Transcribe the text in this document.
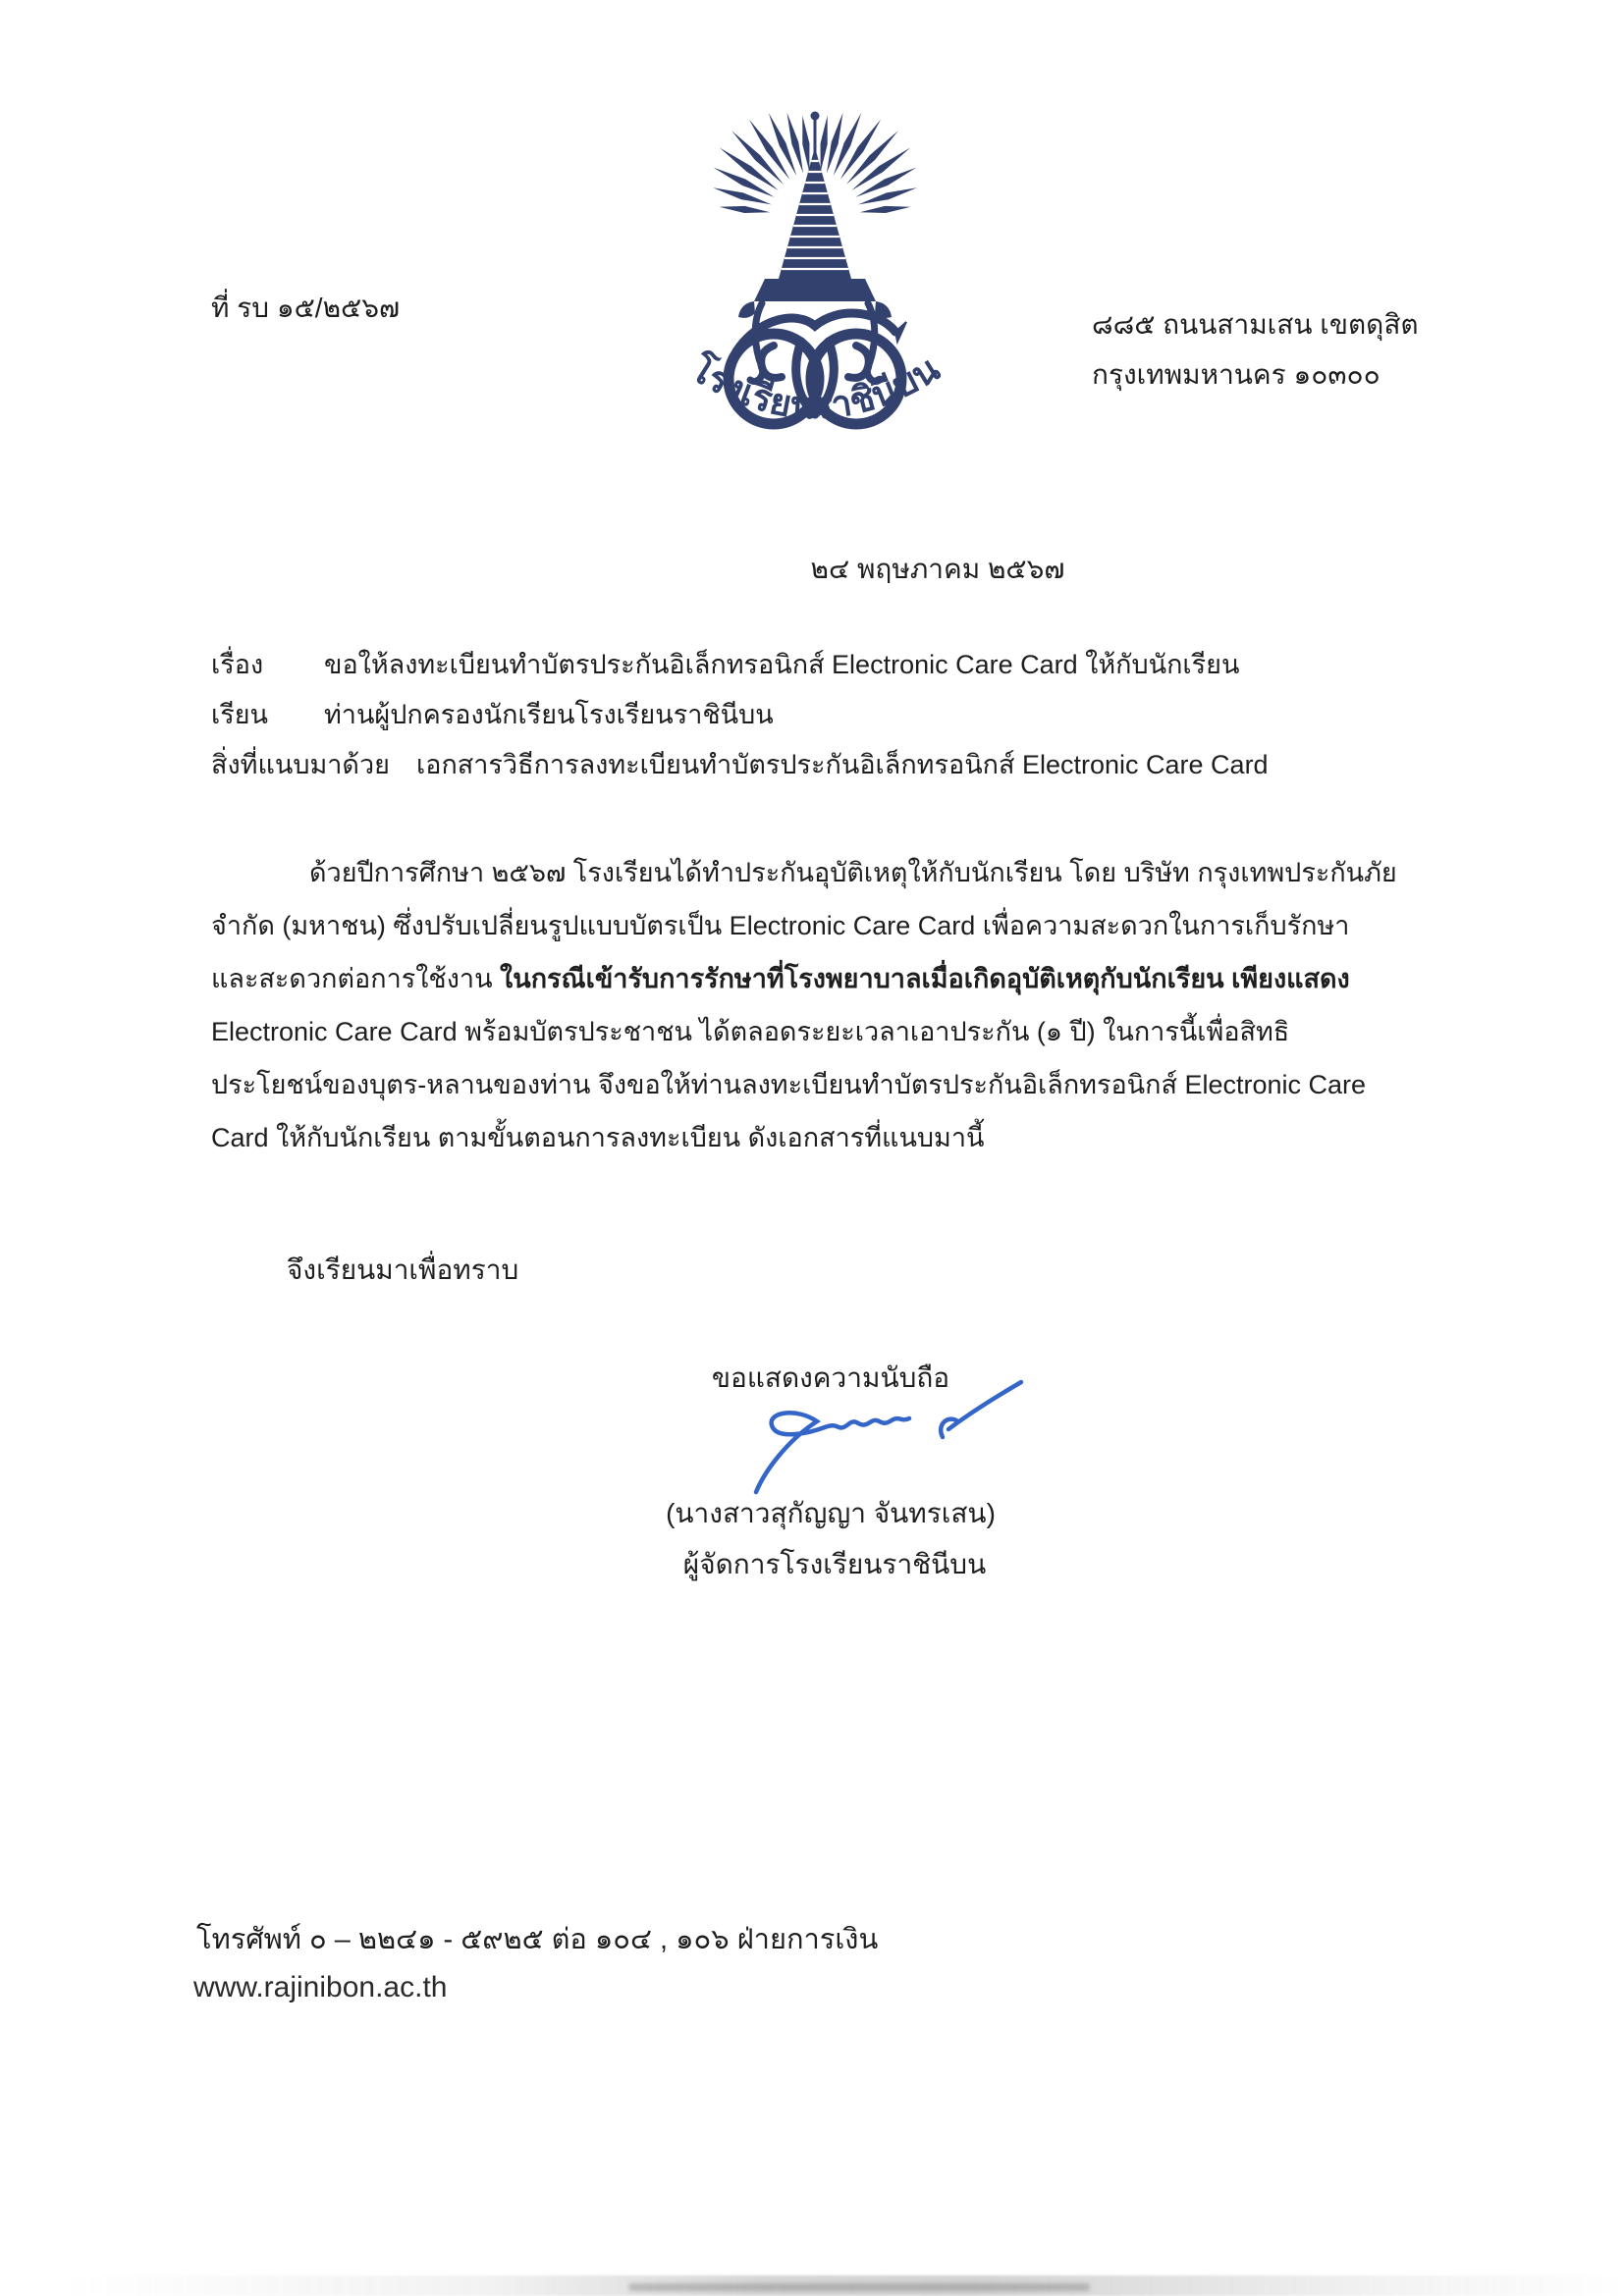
ที่ รบ ๑๕/๒๕๖๗
โรงเรียนราชินีบน
๘๘๕ ถนนสามเสน เขตดุสิต
กรุงเทพมหานคร ๑๐๓๐๐
๒๔ พฤษภาคม ๒๕๖๗
เรื่อง	ขอให้ลงทะเบียนทำบัตรประกันอิเล็กทรอนิกส์ Electronic Care Card ให้กับนักเรียน
เรียน	ท่านผู้ปกครองนักเรียนโรงเรียนราชินีบน
สิ่งที่แนบมาด้วย	เอกสารวิธีการลงทะเบียนทำบัตรประกันอิเล็กทรอนิกส์ Electronic Care Card
ด้วยปีการศึกษา ๒๕๖๗ โรงเรียนได้ทำประกันอุบัติเหตุให้กับนักเรียน โดย บริษัท กรุงเทพประกันภัย
จำกัด (มหาชน) ซึ่งปรับเปลี่ยนรูปแบบบัตรเป็น Electronic Care Card เพื่อความสะดวกในการเก็บรักษา
และสะดวกต่อการใช้งาน ในกรณีเข้ารับการรักษาที่โรงพยาบาลเมื่อเกิดอุบัติเหตุกับนักเรียน เพียงแสดง
Electronic Care Card พร้อมบัตรประชาชน ได้ตลอดระยะเวลาเอาประกัน (๑ ปี) ในการนี้เพื่อสิทธิ
ประโยชน์ของบุตร-หลานของท่าน จึงขอให้ท่านลงทะเบียนทำบัตรประกันอิเล็กทรอนิกส์ Electronic Care
Card ให้กับนักเรียน ตามขั้นตอนการลงทะเบียน ดังเอกสารที่แนบมานี้
จึงเรียนมาเพื่อทราบ
ขอแสดงความนับถือ
(นางสาวสุกัญญา จันทรเสน)
ผู้จัดการโรงเรียนราชินีบน
โทรศัพท์ ๐ – ๒๒๔๑ - ๕๙๒๕ ต่อ ๑๐๔ , ๑๐๖ ฝ่ายการเงิน
www.rajinibon.ac.th
